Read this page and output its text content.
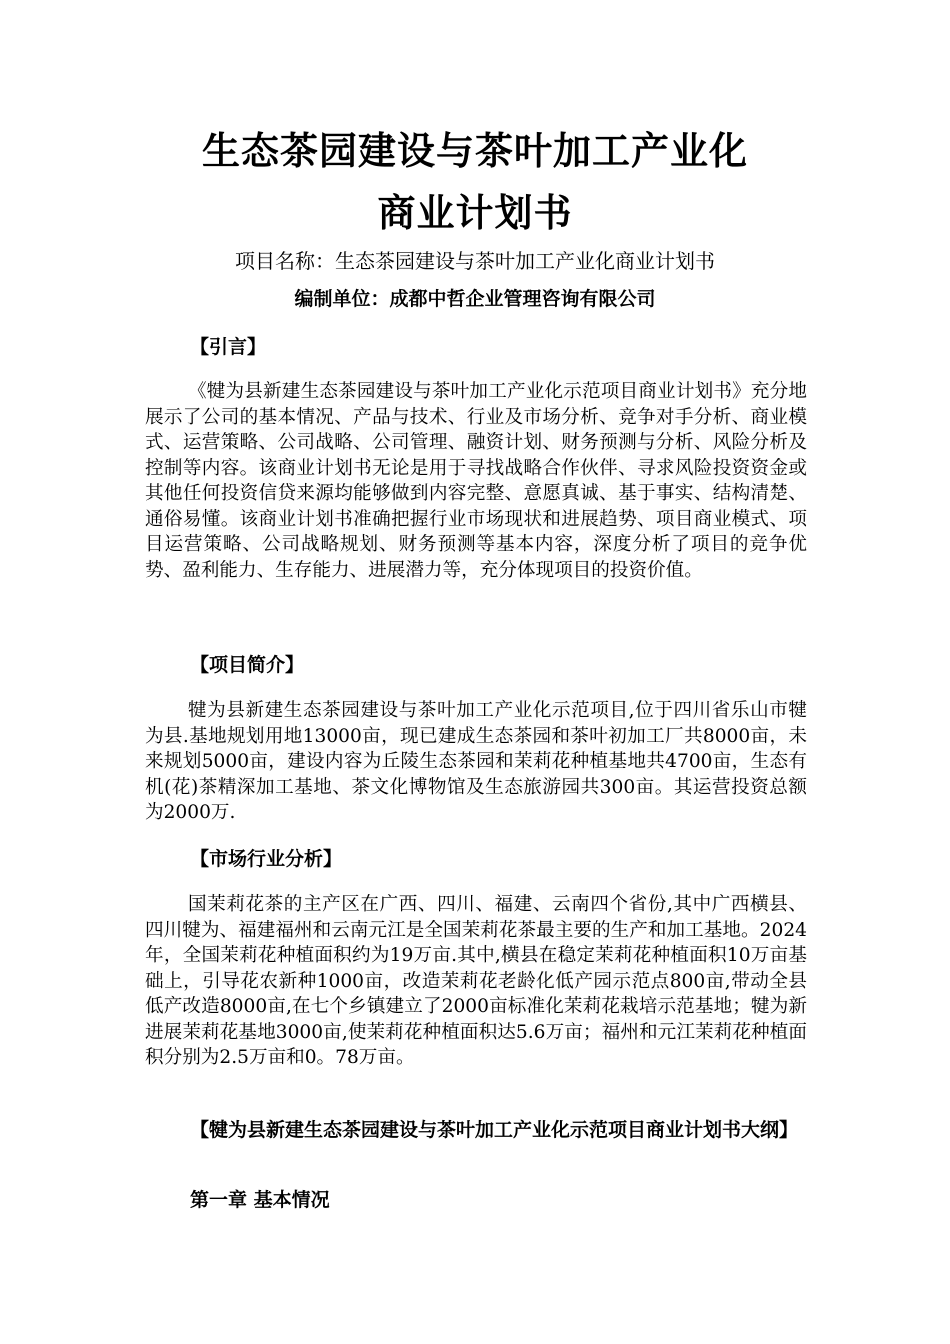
生态茶园建设与茶叶加工产业化
商业计划书
项目名称：生态茶园建设与茶叶加工产业化商业计划书
编制单位：成都中哲企业管理咨询有限公司
【引言】

《犍为县新建生态茶园建设与茶叶加工产业化示范项目商业计划书》充分地展示了公司的基本情况、产品与技术、行业及市场分析、竞争对手分析、商业模式、运营策略、公司战略、公司管理、融资计划、财务预测与分析、风险分析及控制等内容。该商业计划书无论是用于寻找战略合作伙伴、寻求风险投资资金或其他任何投资信贷来源均能够做到内容完整、意愿真诚、基于事实、结构清楚、通俗易懂。该商业计划书准确把握行业市场现状和进展趋势、项目商业模式、项目运营策略、公司战略规划、财务预测等基本内容，深度分析了项目的竞争优势、盈利能力、生存能力、进展潜力等，充分体现项目的投资价值。

【项目简介】

犍为县新建生态茶园建设与茶叶加工产业化示范项目,位于四川省乐山市犍为县.基地规划用地13000亩，现已建成生态茶园和茶叶初加工厂共8000亩，未来规划5000亩，建设内容为丘陵生态茶园和茉莉花种植基地共4700亩，生态有机(花)茶精深加工基地、茶文化博物馆及生态旅游园共300亩。其运营投资总额为2000万.

【市场行业分析】

国茉莉花茶的主产区在广西、四川、福建、云南四个省份,其中广西横县、四川犍为、福建福州和云南元江是全国茉莉花茶最主要的生产和加工基地。2024年，全国茉莉花种植面积约为19万亩.其中,横县在稳定茉莉花种植面积10万亩基础上，引导花农新种1000亩，改造茉莉花老龄化低产园示范点800亩,带动全县低产改造8000亩,在七个乡镇建立了2000亩标准化茉莉花栽培示范基地；犍为新进展茉莉花基地3000亩,使茉莉花种植面积达5.6万亩；福州和元江茉莉花种植面积分别为2.5万亩和0。78万亩。

【犍为县新建生态茶园建设与茶叶加工产业化示范项目商业计划书大纲】
第一章 基本情况
